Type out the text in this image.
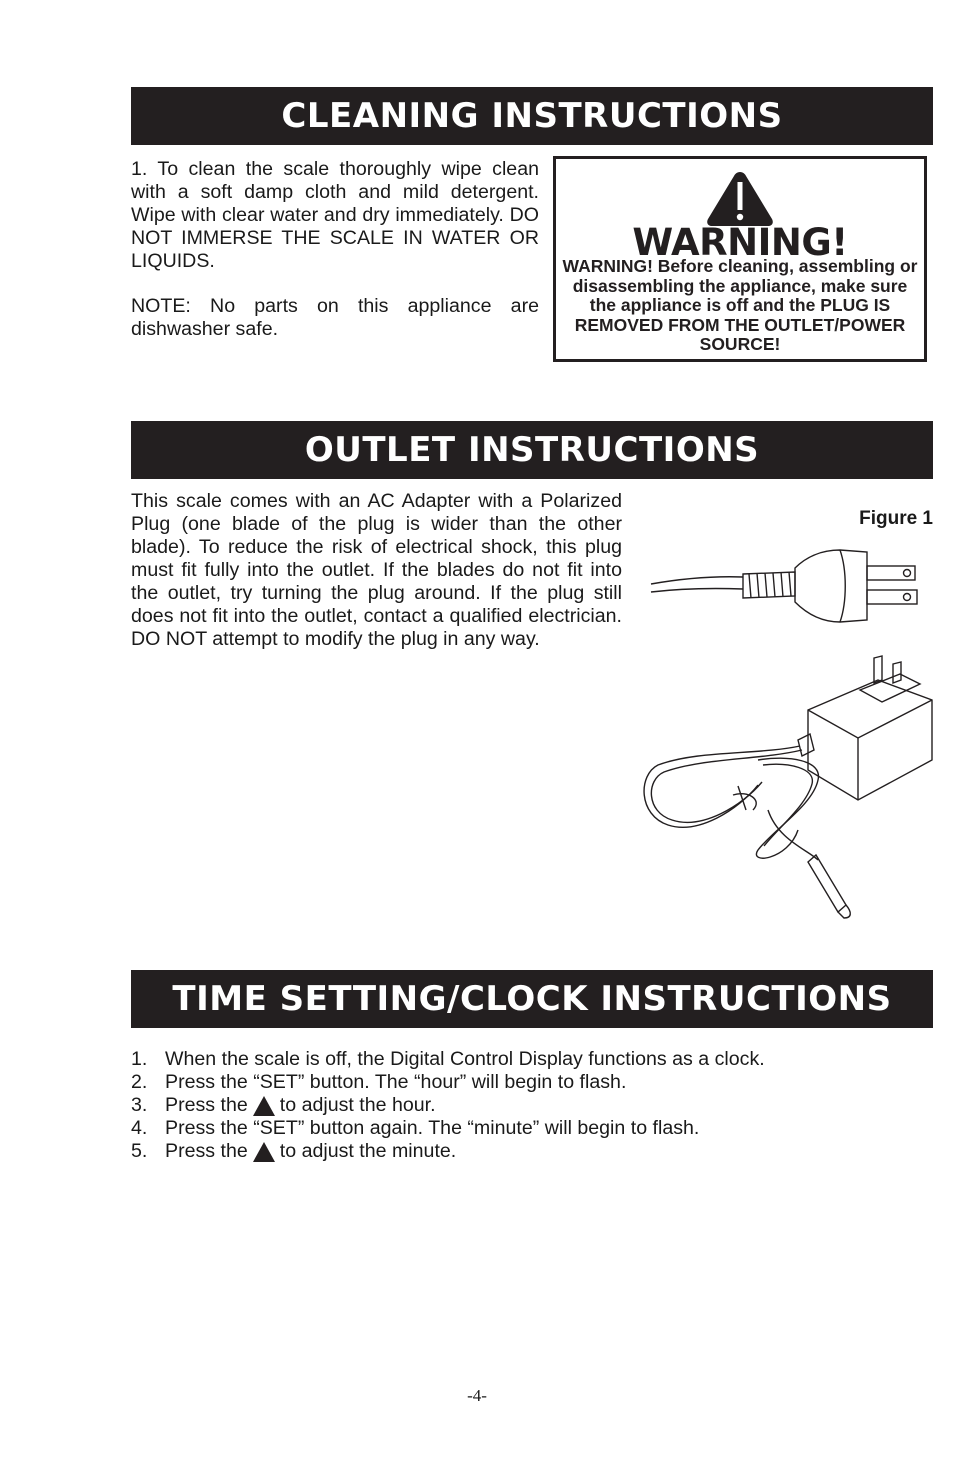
CLEANING INSTRUCTIONS

1. To clean the scale thoroughly wipe clean with a soft damp cloth and mild detergent. Wipe with clear water and dry immediately. DO NOT IMMERSE THE SCALE IN WATER OR LIQUIDS.

NOTE: No parts on this appliance are dishwasher safe.

WARNING!
WARNING! Before cleaning, assembling or disassembling the appliance, make sure the appliance is off and the PLUG IS REMOVED FROM THE OUTLET/POWER SOURCE!
OUTLET INSTRUCTIONS

This scale comes with an AC Adapter with a Polarized Plug (one blade of the plug is wider than the other blade). To reduce the risk of electrical shock, this plug must fit fully into the outlet. If the blades do not fit into the outlet, try turning the plug around. If the plug still does not fit into the outlet, contact a qualified electrician. DO NOT attempt to modify the plug in any way.

Figure 1
TIME SETTING/CLOCK INSTRUCTIONS
1. When the scale is off, the Digital Control Display functions as a clock.
2. Press the “SET” button. The “hour” will begin to flash.
3. Press the to adjust the hour.
4. Press the “SET” button again. The “minute” will begin to flash.
5. Press the to adjust the minute.
-4-
